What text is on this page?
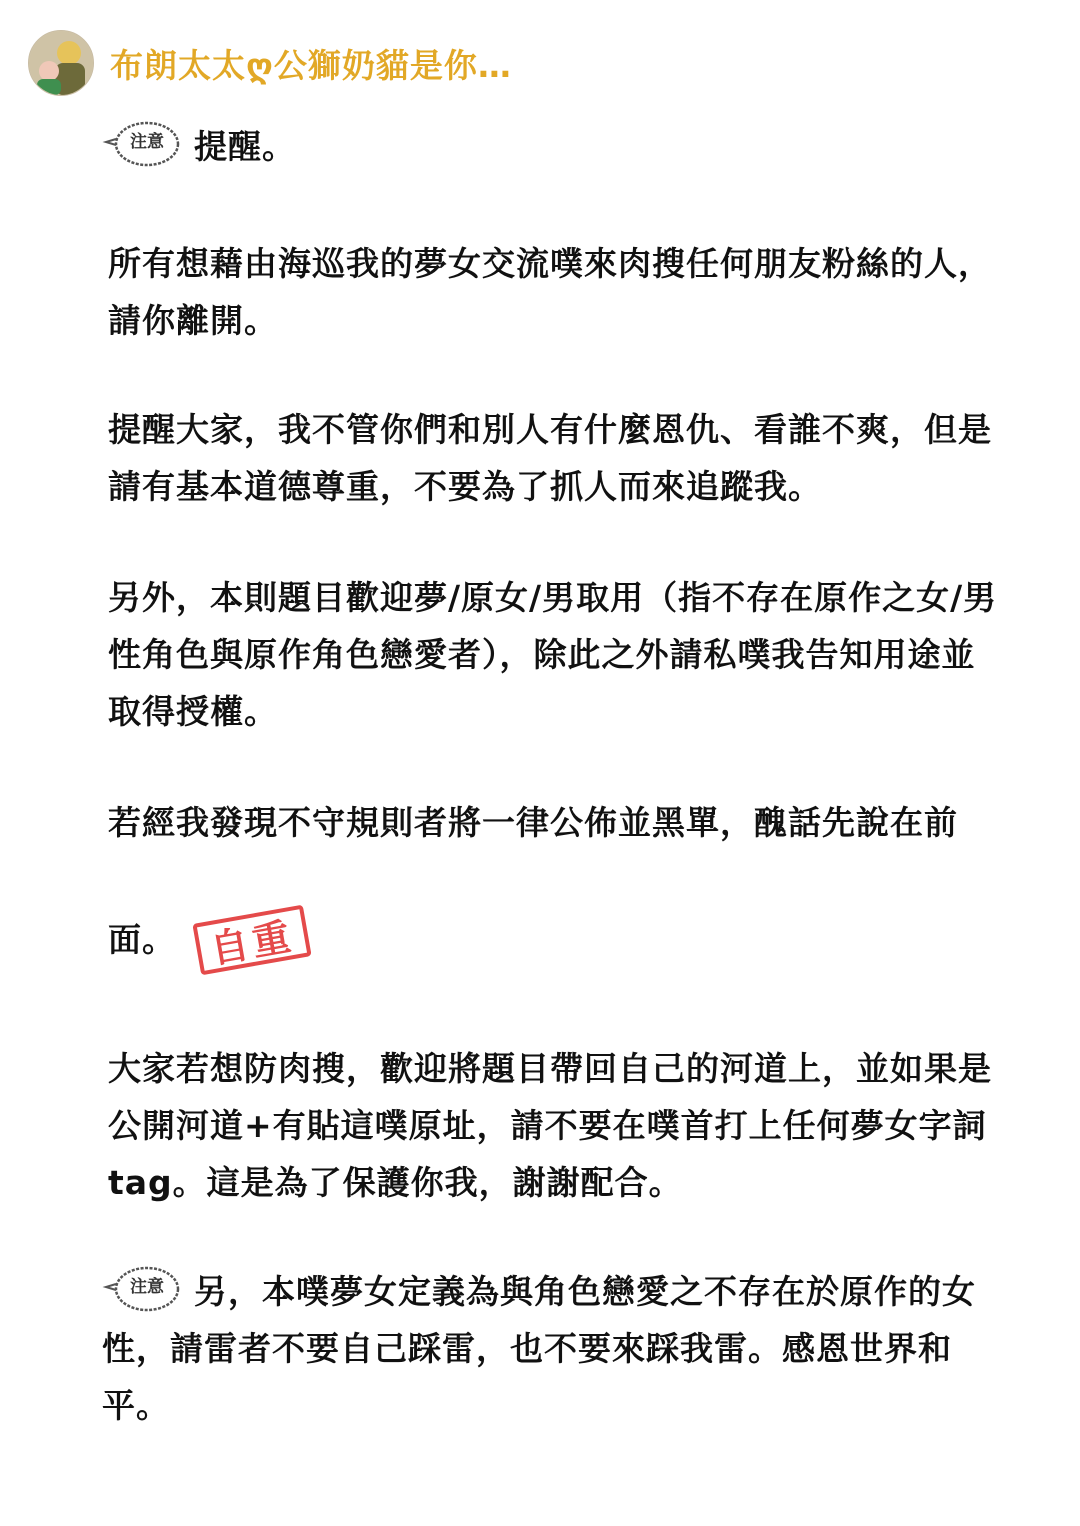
布朗太太ღ公獅奶貓是你…
注意 提醒。

所有想藉由海巡我的夢女交流噗來肉搜任何朋友粉絲的人，
請你離開。

提醒大家，我不管你們和別人有什麼恩仇、看誰不爽，但是
請有基本道德尊重，不要為了抓人而來追蹤我。

另外，本則題目歡迎夢/原女/男取用（指不存在原作之女/男
性角色與原作角色戀愛者），除此之外請私噗我告知用途並
取得授權。

若經我發現不守規則者將一律公佈並黑單，醜話先說在前

面。

大家若想防肉搜，歡迎將題目帶回自己的河道上，並如果是
公開河道+有貼這噗原址，請不要在噗首打上任何夢女字詞
tag。這是為了保護你我，謝謝配合。

注意 另，本噗夢女定義為與角色戀愛之不存在於原作的女
性，請雷者不要自己踩雷，也不要來踩我雷。感恩世界和
平。

自重
